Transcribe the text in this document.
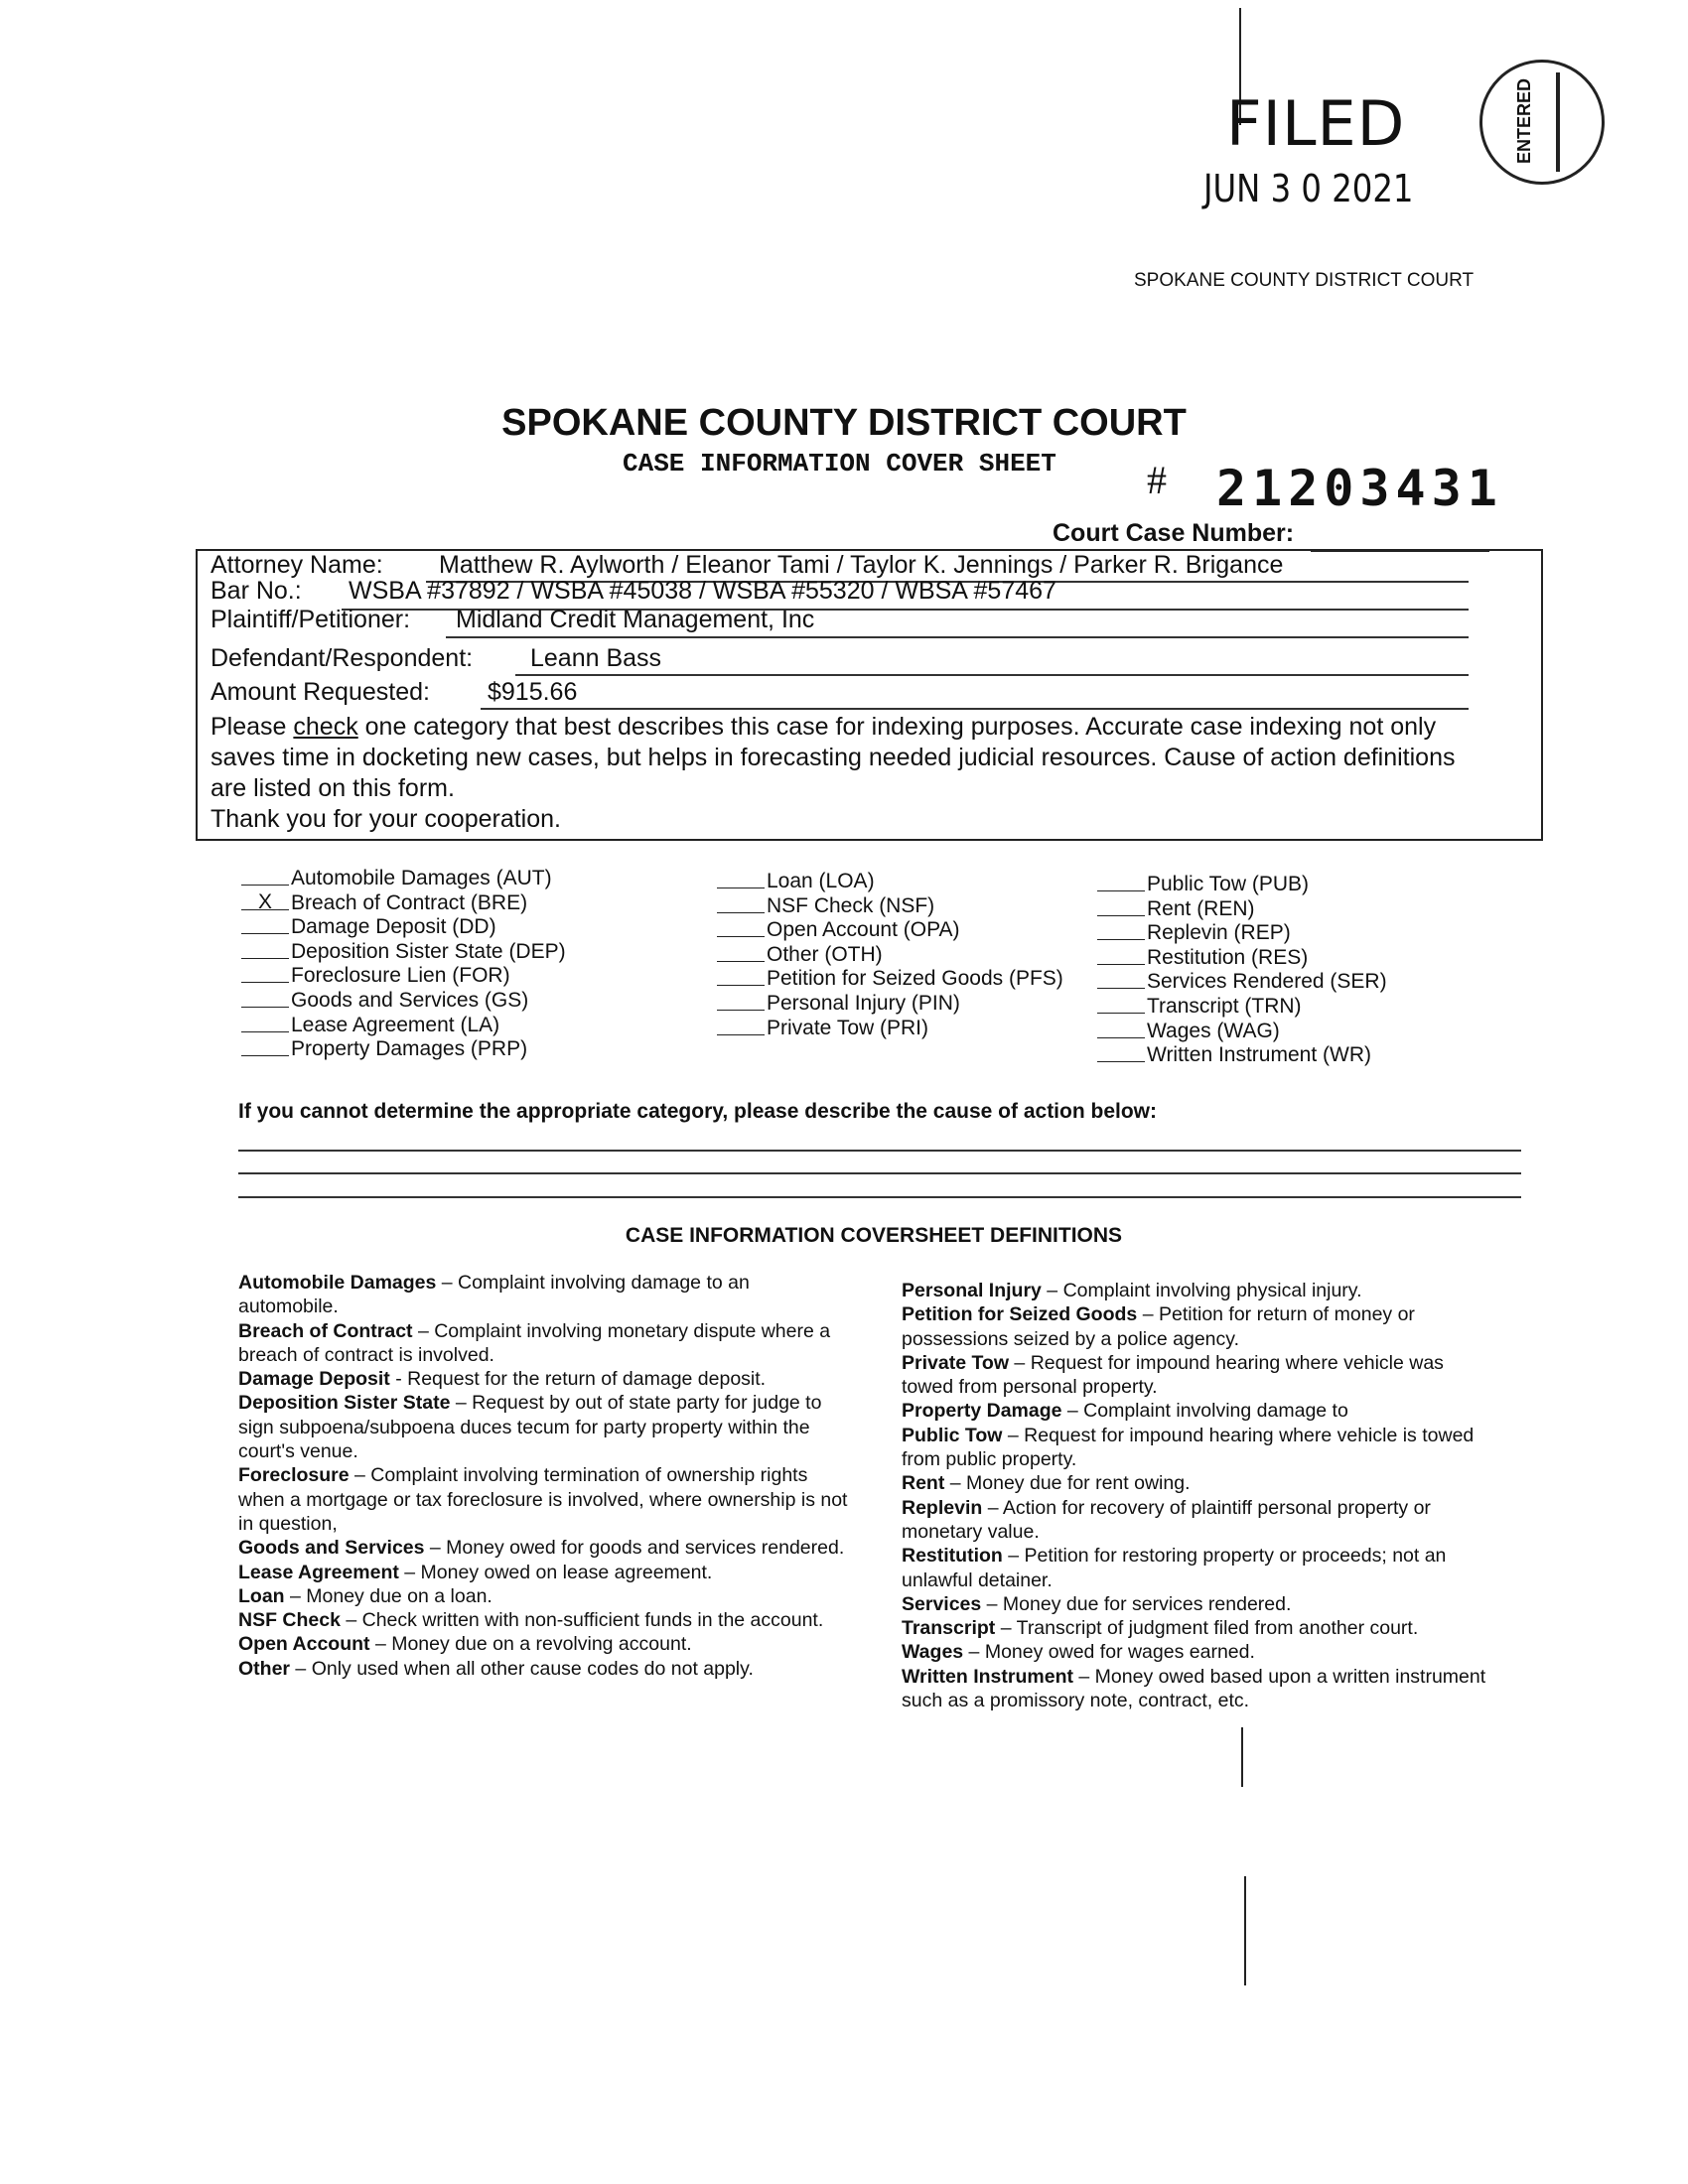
FILED
JUN 3 0 2021
SPOKANE COUNTY DISTRICT COURT
ENTERED
SPOKANE COUNTY DISTRICT COURT
CASE INFORMATION COVER SHEET # 21203431
Court Case Number:
Attorney Name: Matthew R. Aylworth / Eleanor Tami / Taylor K. Jennings / Parker R. Brigance
Bar No.: WSBA #37892 / WSBA #45038 / WSBA #55320 / WBSA #57467
Plaintiff/Petitioner: Midland Credit Management, Inc
Defendant/Respondent: Leann Bass
Amount Requested: $915.66
Please check one category that best describes this case for indexing purposes. Accurate case indexing not only saves time in docketing new cases, but helps in forecasting needed judicial resources. Cause of action definitions are listed on this form.
Thank you for your cooperation.
Automobile Damages (AUT)
X Breach of Contract (BRE)
Damage Deposit (DD)
Deposition Sister State (DEP)
Foreclosure Lien (FOR)
Goods and Services (GS)
Lease Agreement (LA)
Property Damages (PRP)
Loan (LOA)
NSF Check (NSF)
Open Account (OPA)
Other (OTH)
Petition for Seized Goods (PFS)
Personal Injury (PIN)
Private Tow (PRI)
Public Tow (PUB)
Rent (REN)
Replevin (REP)
Restitution (RES)
Services Rendered (SER)
Transcript (TRN)
Wages (WAG)
Written Instrument (WR)
If you cannot determine the appropriate category, please describe the cause of action below:
CASE INFORMATION COVERSHEET DEFINITIONS
Automobile Damages – Complaint involving damage to an automobile.
Breach of Contract – Complaint involving monetary dispute where a breach of contract is involved.
Damage Deposit - Request for the return of damage deposit.
Deposition Sister State – Request by out of state party for judge to sign subpoena/subpoena duces tecum for party property within the court's venue.
Foreclosure – Complaint involving termination of ownership rights when a mortgage or tax foreclosure is involved, where ownership is not in question,
Goods and Services – Money owed for goods and services rendered.
Lease Agreement – Money owed on lease agreement.
Loan – Money due on a loan.
NSF Check – Check written with non-sufficient funds in the account.
Open Account – Money due on a revolving account.
Other – Only used when all other cause codes do not apply.
Personal Injury – Complaint involving physical injury.
Petition for Seized Goods – Petition for return of money or possessions seized by a police agency.
Private Tow – Request for impound hearing where vehicle was towed from personal property.
Property Damage – Complaint involving damage to
Public Tow – Request for impound hearing where vehicle is towed from public property.
Rent – Money due for rent owing.
Replevin – Action for recovery of plaintiff personal property or monetary value.
Restitution – Petition for restoring property or proceeds; not an unlawful detainer.
Services – Money due for services rendered.
Transcript – Transcript of judgment filed from another court.
Wages – Money owed for wages earned.
Written Instrument – Money owed based upon a written instrument such as a promissory note, contract, etc.
